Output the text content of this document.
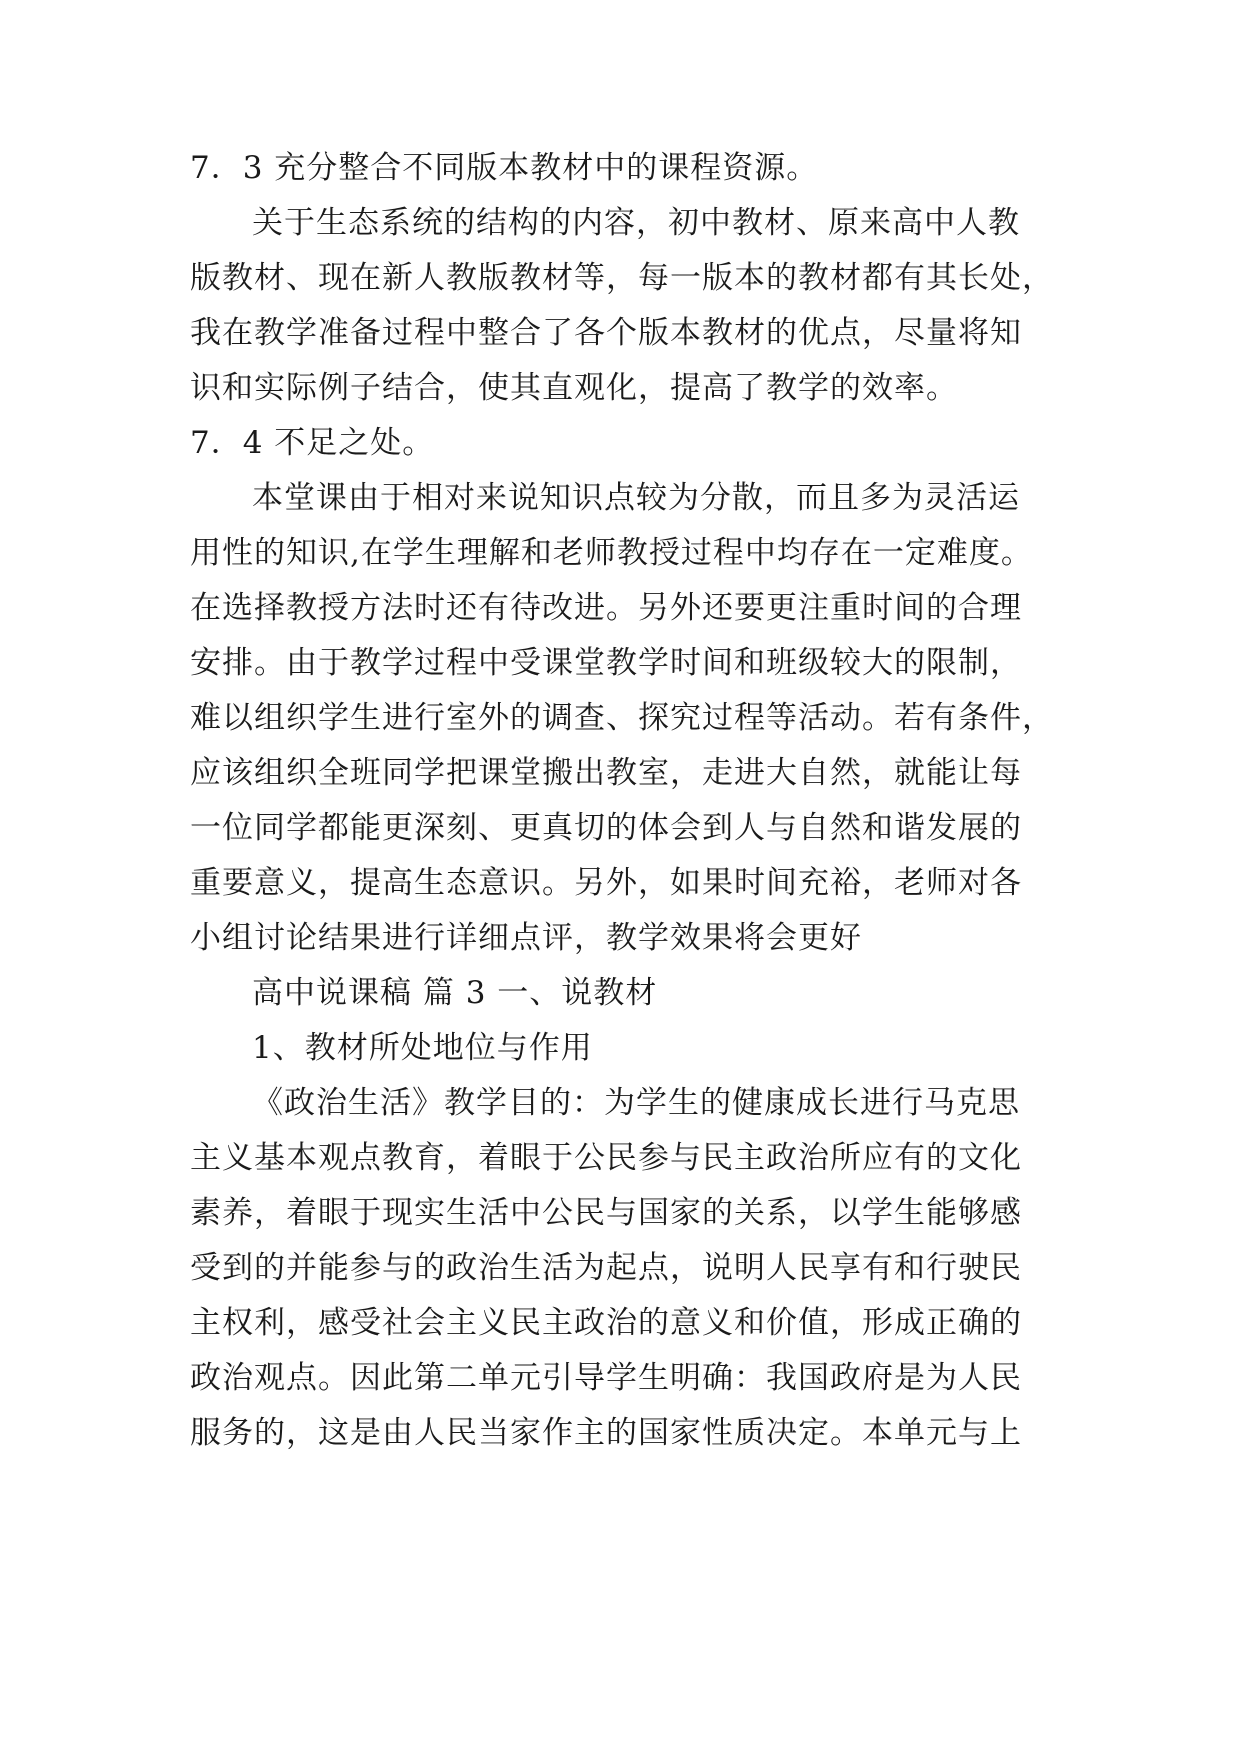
7．3 充分整合不同版本教材中的课程资源。
关于生态系统的结构的内容，初中教材、原来高中人教
版教材、现在新人教版教材等，每一版本的教材都有其长处，
我在教学准备过程中整合了各个版本教材的优点，尽量将知
识和实际例子结合，使其直观化，提高了教学的效率。
7．4 不足之处。
本堂课由于相对来说知识点较为分散，而且多为灵活运
用性的知识,在学生理解和老师教授过程中均存在一定难度。
在选择教授方法时还有待改进。另外还要更注重时间的合理
安排。由于教学过程中受课堂教学时间和班级较大的限制，
难以组织学生进行室外的调查、探究过程等活动。若有条件，
应该组织全班同学把课堂搬出教室，走进大自然，就能让每
一位同学都能更深刻、更真切的体会到人与自然和谐发展的
重要意义，提高生态意识。另外，如果时间充裕，老师对各
小组讨论结果进行详细点评，教学效果将会更好
高中说课稿 篇 3 一、说教材
1、教材所处地位与作用
《政治生活》教学目的：为学生的健康成长进行马克思
主义基本观点教育，着眼于公民参与民主政治所应有的文化
素养，着眼于现实生活中公民与国家的关系，以学生能够感
受到的并能参与的政治生活为起点，说明人民享有和行驶民
主权利，感受社会主义民主政治的意义和价值，形成正确的
政治观点。因此第二单元引导学生明确：我国政府是为人民
服务的，这是由人民当家作主的国家性质决定。本单元与上
